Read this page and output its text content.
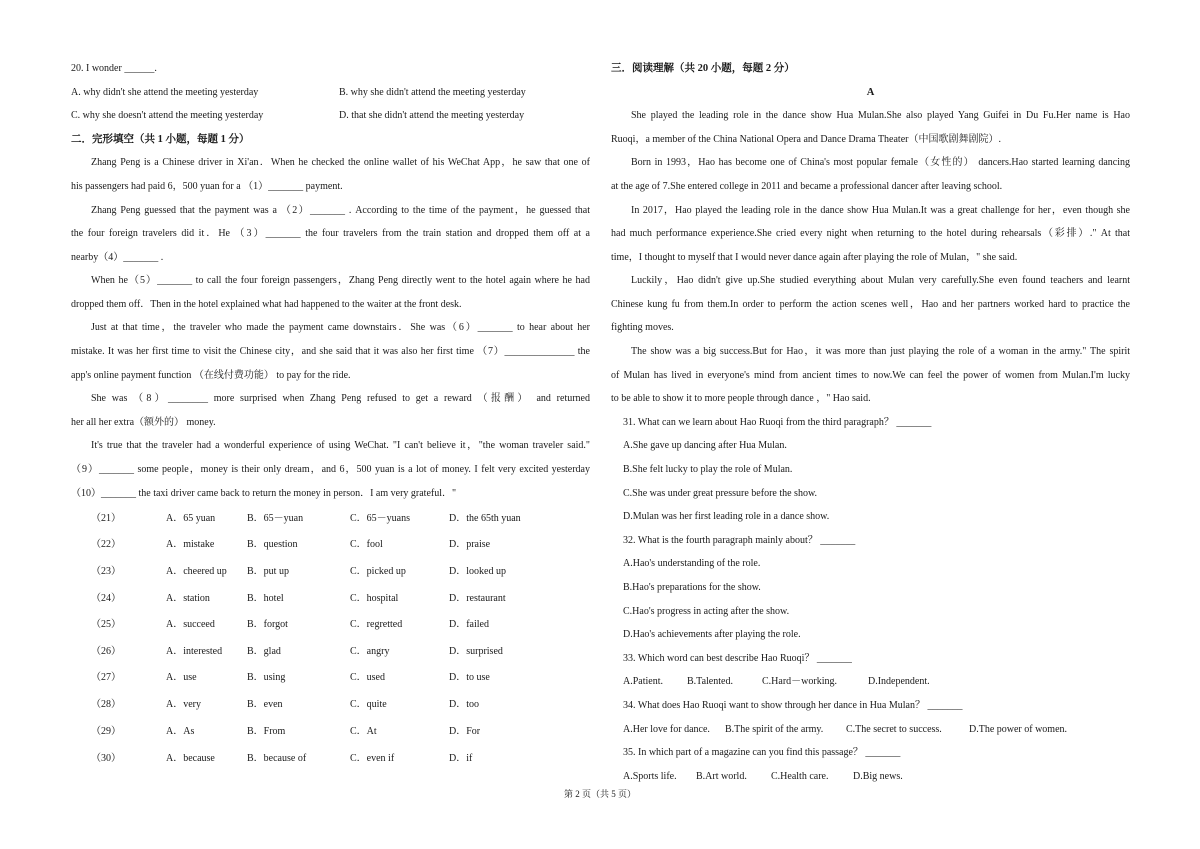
20. I wonder ______.
A. why didn't she attend the meeting yesterday	B. why she didn't attend the meeting yesterday
C. why she doesn't attend the meeting yesterday	D. that she didn't attend the meeting yesterday
二．完形填空（共 1 小题，每题 1 分）
Zhang Peng is a Chinese driver in Xi'an．When he checked the online wallet of his WeChat App，he saw that one of
his passengers had paid 6，500 yuan for a （1）_______ payment.
Zhang Peng guessed that the payment was a （2）_______ . According to the time of the payment，he guessed that
the four foreign travelers did it．He （3）_______ the four travelers from the train station and dropped them off at a
nearby（4）_______ .
When he（5）_______ to call the four foreign passengers，Zhang Peng directly went to the hotel again where he had
dropped them off．Then in the hotel explained what had happened to the waiter at the front desk.
Just at that time，the traveler who made the payment came downstairs．She was（6）_______ to hear about her
mistake. It was her first time to visit the Chinese city，and she said that it was also her first time （7）______________ the
app's online payment function （在线付费功能） to pay for the ride.
She was （8）________ more surprised when Zhang Peng refused to get a reward （报酬） and returned
her all her extra（额外的） money.
It's true that the traveler had a wonderful experience of using WeChat. "I can't believe it，"the woman traveler said."
（9）_______ some people，money is their only dream，and 6，500 yuan is a lot of money. I felt very excited yesterday
（10）_______ the taxi driver came back to return the money in person．I am very grateful．"
（21）	A．65 yuan	B．65－yuan	C．65－yuans	D．the 65th yuan
（22）	A．mistake	B．question	C．fool	D．praise
（23）	A．cheered up B．put up	C．picked up	D．looked up
（24）	A．station	B．hotel	C．hospital	D．restaurant
（25）	A．succeed	B．forgot	C．regretted	D．failed
（26）	A．interested B．glad	C．angry	D．surprised
（27）	A．use	B．using	C．used	D．to use
（28）	A．very	B．even	C．quite	D．too
（29）	A．As	B．From	C．At	D．For
（30）	A．because	B．because of	C．even if	D．if
三．阅读理解（共 20 小题，每题 2 分）
A
She played the leading role in the dance show Hua Mulan.She also played Yang Guifei in Du Fu.Her name is Hao
Ruoqi，a member of the China National Opera and Dance Drama Theater（中国歌剧舞剧院）.
Born in 1993，Hao has become one of China's most popular female（女性的） dancers.Hao started learning dancing
at the age of 7.She entered college in 2011 and became a professional dancer after leaving school.
In 2017，Hao played the leading role in the dance show Hua Mulan.It was a great challenge for her，even though she
had much performance experience.She cried every night when returning to the hotel during rehearsals（彩排）." At that
time，I thought to myself that I would never dance again after playing the role of Mulan，" she said.
Luckily，Hao didn't give up.She studied everything about Mulan very carefully.She even found teachers and learnt
Chinese kung fu from them.In order to perform the action scenes well，Hao and her partners worked hard to practice the
fighting moves.
The show was a big success.But for Hao，it was more than just playing the role of a woman in the army." The spirit
of Mulan has lived in everyone's mind from ancient times to now.We can feel the power of women from Mulan.I'm lucky
to be able to show it to more people through dance ，" Hao said.
31. What can we learn about Hao Ruoqi from the third paragraph？ _______
A.She gave up dancing after Hua Mulan.
B.She felt lucky to play the role of Mulan.
C.She was under great pressure before the show.
D.Mulan was her first leading role in a dance show.
32. What is the fourth paragraph mainly about？ _______
A.Hao's understanding of the role.
B.Hao's preparations for the show.
C.Hao's progress in acting after the show.
D.Hao's achievements after playing the role.
33. Which word can best describe Hao Ruoqi？ _______
A.Patient. B.Talented.	C.Hard－working.	D.Independent.
34. What does Hao Ruoqi want to show through her dance in Hua Mulan？ _______
A.Her love for dance. B.The spirit of the army. C.The secret to success.	D.The power of women.
35. In which part of a magazine can you find this passage？ _______
A.Sports life. B.Art world. C.Health care. D.Big news.
第 2 页（共 5 页）
